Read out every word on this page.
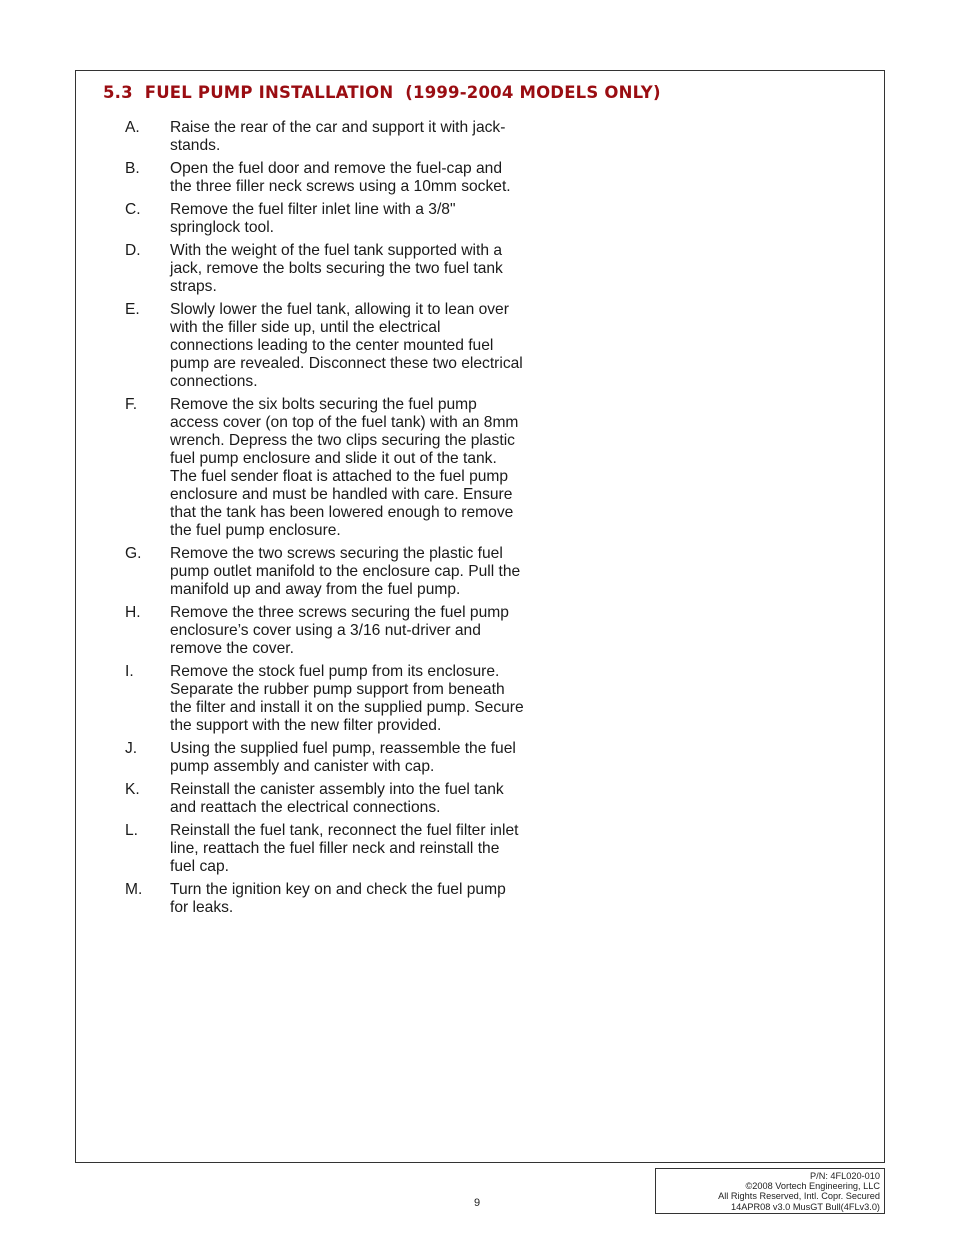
5.3  FUEL PUMP INSTALLATION  (1999-2004 MODELS ONLY)
A.	Raise the rear of the car and support it with jack-stands.
B.	Open the fuel door and remove the fuel-cap and the three filler neck screws using a 10mm socket.
C.	Remove the fuel filter inlet line with a 3/8" springlock tool.
D.	With the weight of the fuel tank supported with a jack, remove the bolts securing the two fuel tank straps.
E.	Slowly lower the fuel tank, allowing it to lean over with the filler side up, until the electrical connections leading to the center mounted fuel pump are revealed. Disconnect these two electrical connections.
F.	Remove the six bolts securing the fuel pump access cover (on top of the fuel tank) with an 8mm wrench. Depress the two clips securing the plastic fuel pump enclosure and slide it out of the tank. The fuel sender float is attached to the fuel pump enclosure and must be handled with care. Ensure that the tank has been lowered enough to remove the fuel pump enclosure.
G.	Remove the two screws securing the plastic fuel pump outlet manifold to the enclosure cap. Pull the manifold up and away from the fuel pump.
H.	Remove the three screws securing the fuel pump enclosure’s cover using a 3/16 nut-driver and remove the cover.
I.	Remove the stock fuel pump from its enclosure. Separate the rubber pump support from beneath the filter and install it on the supplied pump. Secure the support with the new filter provided.
J.	Using the supplied fuel pump, reassemble the fuel pump assembly and canister with cap.
K.	Reinstall the canister assembly into the fuel tank and reattach the electrical connections.
L.	Reinstall the fuel tank, reconnect the fuel filter inlet line, reattach the fuel filler neck and reinstall the fuel cap.
M.	Turn the ignition key on and check the fuel pump for leaks.
9
P/N: 4FL020-010
©2008 Vortech Engineering, LLC
All Rights Reserved, Intl. Copr. Secured
14APR08 v3.0 MusGT Bull(4FLv3.0)
